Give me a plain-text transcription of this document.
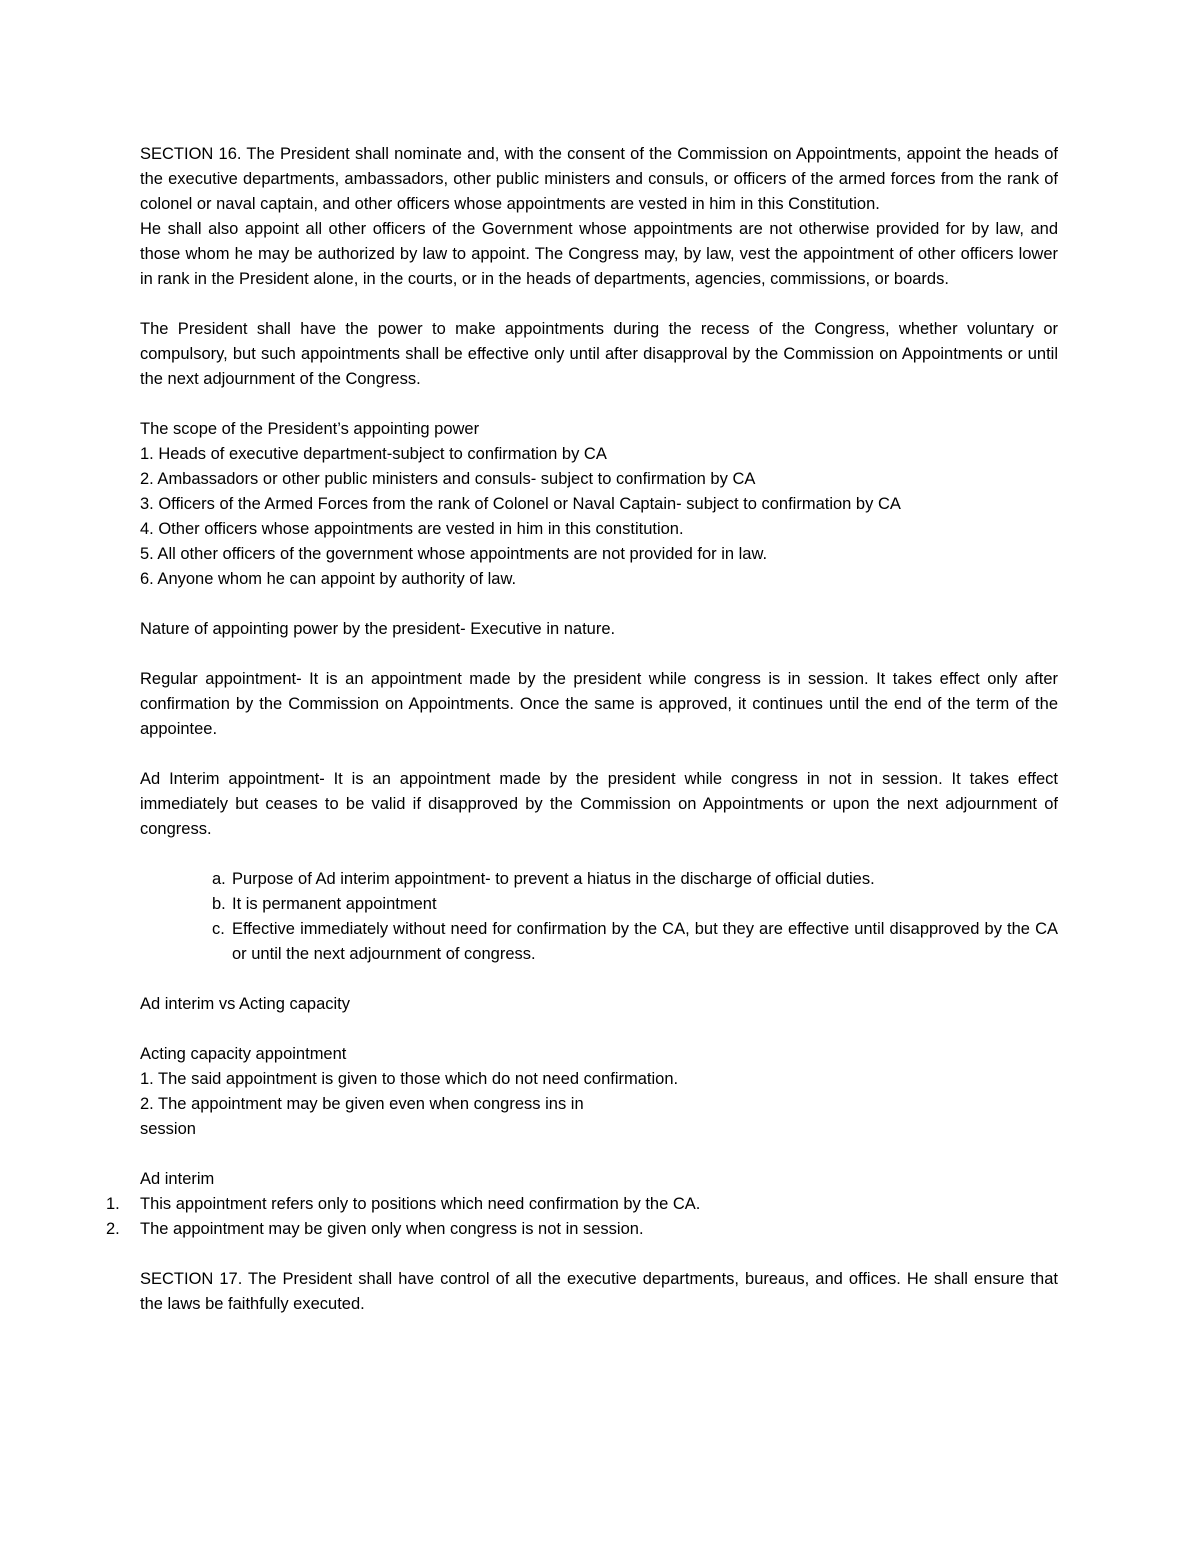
SECTION 16. The President shall nominate and, with the consent of the Commission on Appointments, appoint the heads of the executive departments, ambassadors, other public ministers and consuls, or officers of the armed forces from the rank of colonel or naval captain, and other officers whose appointments are vested in him in this Constitution.

He shall also appoint all other officers of the Government whose appointments are not otherwise provided for by law, and those whom he may be authorized by law to appoint. The Congress may, by law, vest the appointment of other officers lower in rank in the President alone, in the courts, or in the heads of departments, agencies, commissions, or boards.

The President shall have the power to make appointments during the recess of the Congress, whether voluntary or compulsory, but such appointments shall be effective only until after disapproval by the Commission on Appointments or until the next adjournment of the Congress.

The scope of the President’s appointing power

1. Heads of executive department-subject to confirmation by CA
2. Ambassadors or other public ministers and consuls- subject to confirmation by CA
3. Officers of the Armed Forces from the rank of Colonel or Naval Captain- subject to confirmation by CA
4. Other officers whose appointments are vested in him in this constitution.
5. All other officers of the government whose appointments are not provided for in law.
6. Anyone whom he can appoint by authority of law.

Nature of appointing power by the president- Executive in nature.

Regular appointment- It is an appointment made by the president while congress is in session. It takes effect only after confirmation by the Commission on Appointments. Once the same is approved, it continues until the end of the term of the appointee.

Ad Interim appointment- It is an appointment made by the president while congress in not in session. It takes effect immediately but ceases to be valid if disapproved by the Commission on Appointments or upon the next adjournment of congress.

a. Purpose of Ad interim appointment- to prevent a hiatus in the discharge of official duties.
b. It is permanent appointment
c. Effective immediately without need for confirmation by the CA, but they are effective until disapproved by the CA or until the next adjournment of congress.

Ad interim vs Acting capacity

Acting capacity appointment

1. The said appointment is given to those which do not need confirmation.

2. The appointment may be given even when congress ins in

session

Ad interim

1.	This appointment refers only to positions which need confirmation by the CA.
2.	The appointment may be given only when congress is not in session.

SECTION 17. The President shall have control of all the executive departments, bureaus, and offices. He shall ensure that the laws be faithfully executed.
